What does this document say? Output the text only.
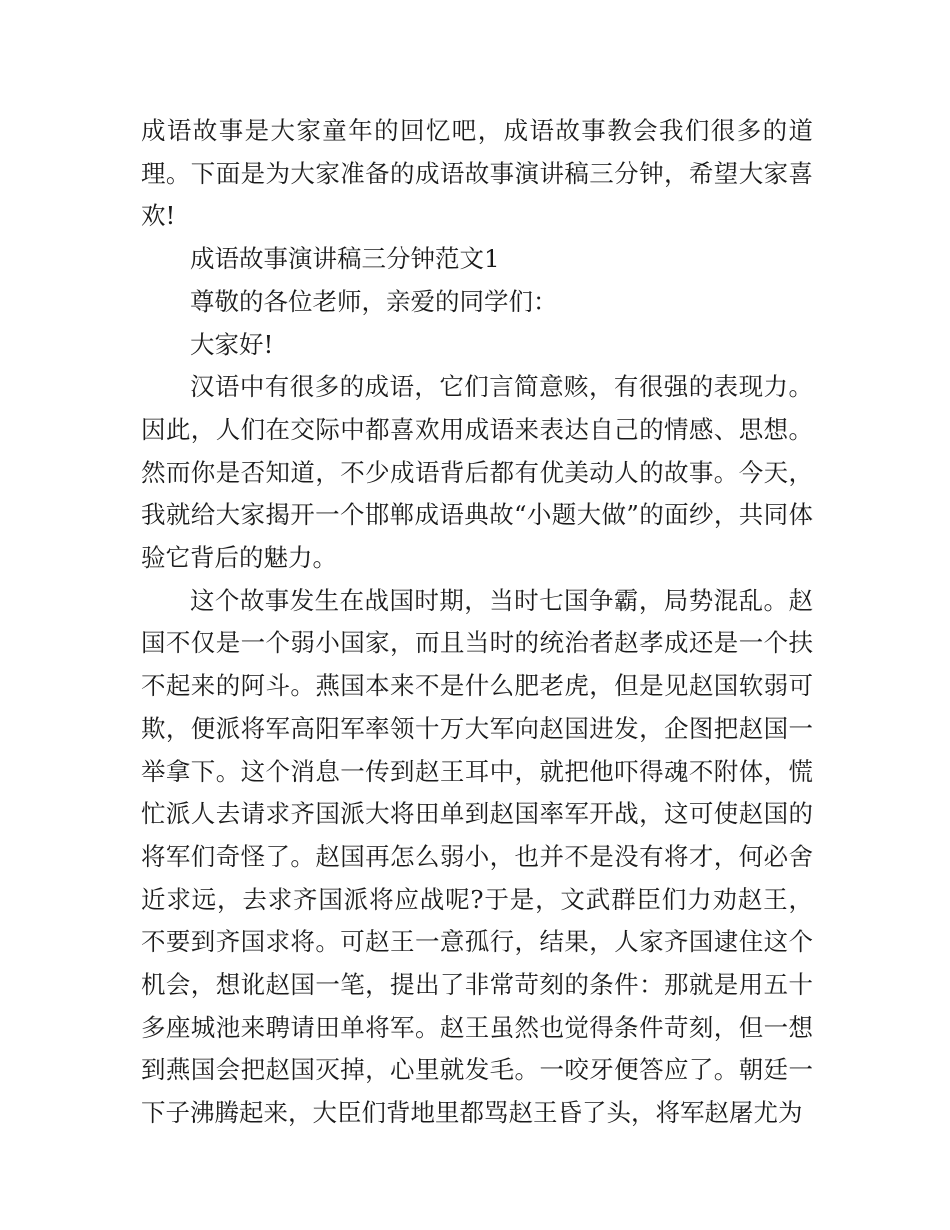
成语故事是大家童年的回忆吧，成语故事教会我们很多的道理。下面是为大家准备的成语故事演讲稿三分钟，希望大家喜欢!

成语故事演讲稿三分钟范文1

尊敬的各位老师，亲爱的同学们：

大家好!

汉语中有很多的成语，它们言简意赅，有很强的表现力。因此，人们在交际中都喜欢用成语来表达自己的情感、思想。然而你是否知道，不少成语背后都有优美动人的故事。今天，我就给大家揭开一个邯郸成语典故“小题大做”的面纱，共同体验它背后的魅力。

这个故事发生在战国时期，当时七国争霸，局势混乱。赵国不仅是一个弱小国家，而且当时的统治者赵孝成还是一个扶不起来的阿斗。燕国本来不是什么肥老虎，但是见赵国软弱可欺，便派将军高阳军率领十万大军向赵国进发，企图把赵国一举拿下。这个消息一传到赵王耳中，就把他吓得魂不附体，慌忙派人去请求齐国派大将田单到赵国率军开战，这可使赵国的将军们奇怪了。赵国再怎么弱小，也并不是没有将才，何必舍近求远，去求齐国派将应战呢?于是，文武群臣们力劝赵王，不要到齐国求将。可赵王一意孤行，结果，人家齐国逮住这个机会，想讹赵国一笔，提出了非常苛刻的条件：那就是用五十多座城池来聘请田单将军。赵王虽然也觉得条件苛刻，但一想到燕国会把赵国灭掉，心里就发毛。一咬牙便答应了。朝廷一下子沸腾起来，大臣们背地里都骂赵王昏了头，将军赵屠尤为
